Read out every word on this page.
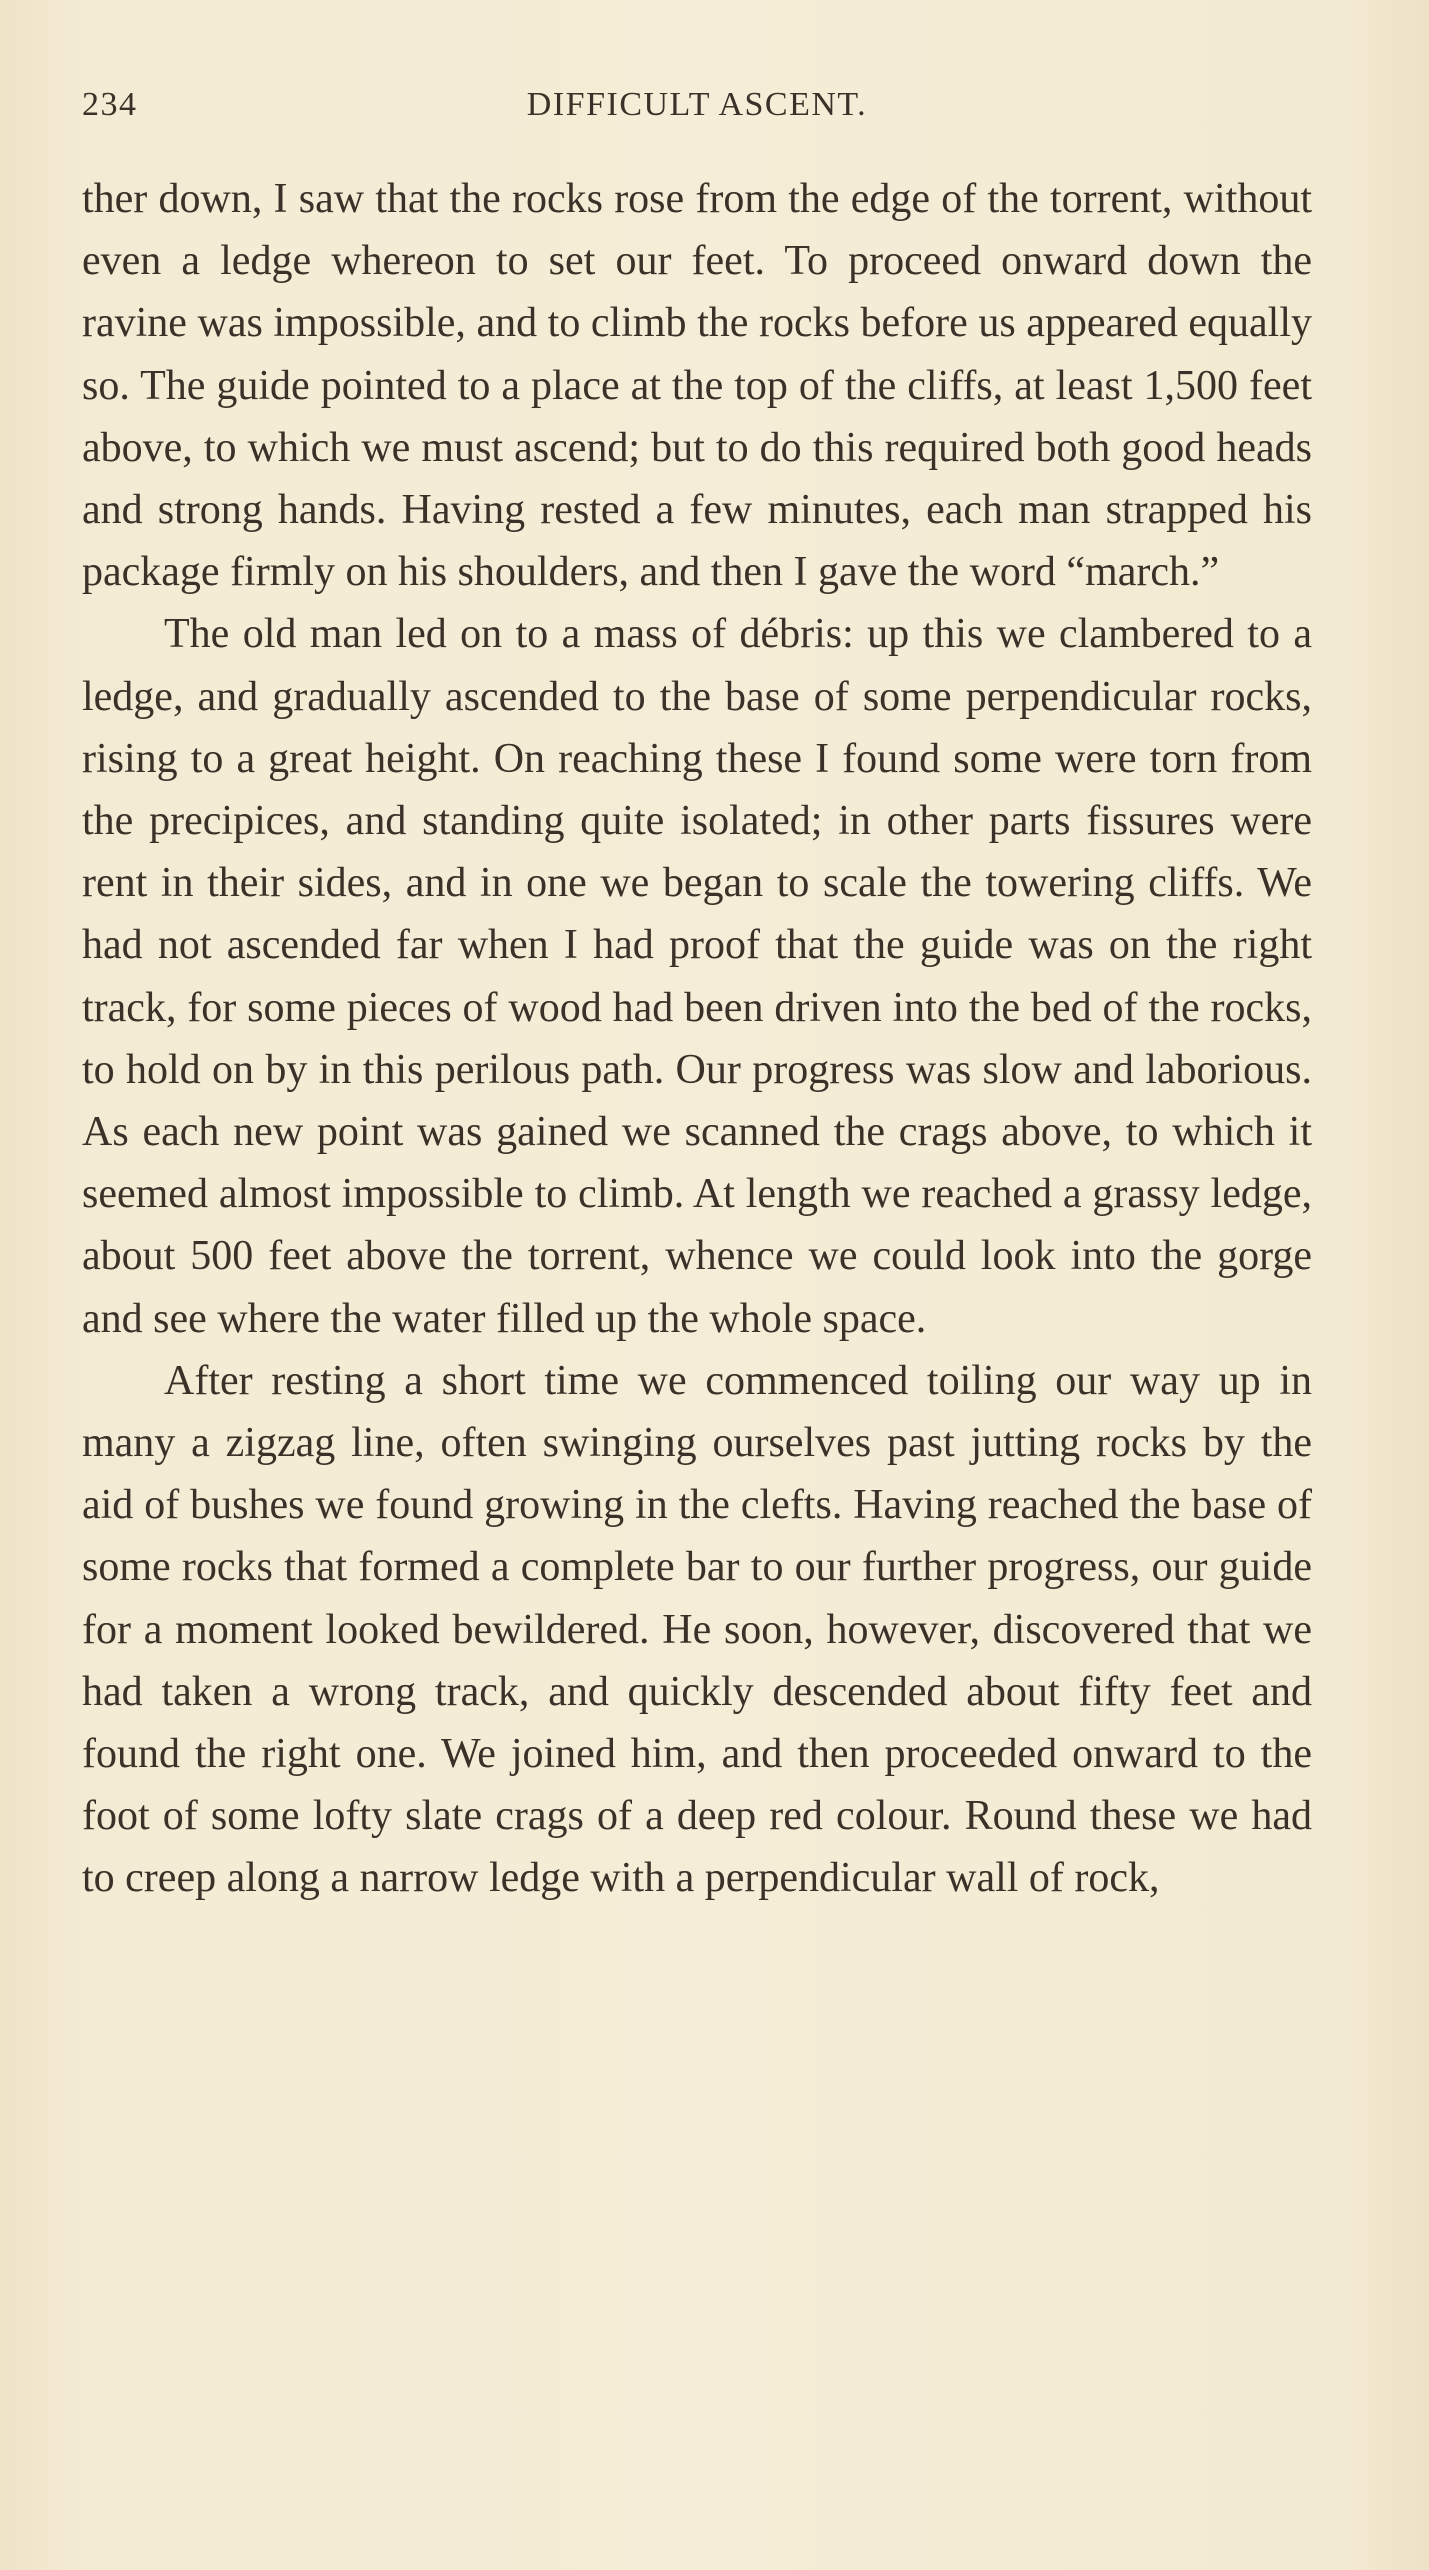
234	DIFFICULT ASCENT.

ther down, I saw that the rocks rose from the edge of the torrent, without even a ledge whereon to set our feet. To proceed onward down the ravine was impossible, and to climb the rocks before us appeared equally so. The guide pointed to a place at the top of the cliffs, at least 1,500 feet above, to which we must ascend; but to do this required both good heads and strong hands. Having rested a few minutes, each man strapped his package firmly on his shoulders, and then I gave the word “march.”

The old man led on to a mass of débris: up this we clambered to a ledge, and gradually ascended to the base of some perpendicular rocks, rising to a great height. On reaching these I found some were torn from the precipices, and standing quite isolated; in other parts fissures were rent in their sides, and in one we began to scale the towering cliffs. We had not ascended far when I had proof that the guide was on the right track, for some pieces of wood had been driven into the bed of the rocks, to hold on by in this perilous path. Our progress was slow and laborious. As each new point was gained we scanned the crags above, to which it seemed almost impossible to climb. At length we reached a grassy ledge, about 500 feet above the torrent, whence we could look into the gorge and see where the water filled up the whole space.

After resting a short time we commenced toiling our way up in many a zigzag line, often swinging ourselves past jutting rocks by the aid of bushes we found growing in the clefts. Having reached the base of some rocks that formed a complete bar to our further progress, our guide for a moment looked bewildered. He soon, however, discovered that we had taken a wrong track, and quickly descended about fifty feet and found the right one. We joined him, and then proceeded onward to the foot of some lofty slate crags of a deep red colour. Round these we had to creep along a narrow ledge with a perpendicular wall of rock,
